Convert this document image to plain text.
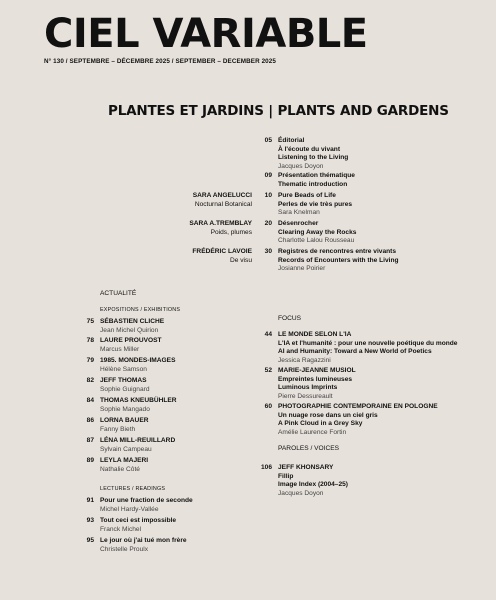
CIEL VARIABLE
N° 130 / SEPTEMBRE – DÉCEMBRE 2025 / SEPTEMBER – DECEMBER 2025
PLANTES ET JARDINS | PLANTS AND GARDENS
SARA ANGELUCCI
Nocturnal Botanical
SARA A.TREMBLAY
Poids, plumes
FRÉDÉRIC LAVOIE
De visu
05 Éditorial
À l'écoute du vivant
Listening to the Living
Jacques Doyon
09 Présentation thématique
Thematic introduction
10 Pure Beads of Life
Perles de vie très pures
Sara Knelman
20 Désenrocher
Clearing Away the Rocks
Charlotte Lalou Rousseau
30 Registres de rencontres entre vivants
Records of Encounters with the Living
Josianne Poirier
ACTUALITÉ
EXPOSITIONS / EXHIBITIONS
75 SÉBASTIEN CLICHE
Jean Michel Quirion
78 LAURE PROUVOST
Marcus Miller
79 1985. MONDES-IMAGES
Hélène Samson
82 JEFF THOMAS
Sophie Guignard
84 THOMAS KNEUBÜHLER
Sophie Mangado
86 LORNA BAUER
Fanny Bieth
87 LÉNA MILL-REUILLARD
Sylvain Campeau
89 LEYLA MAJERI
Nathalie Côté
LECTURES / READINGS
91 Pour une fraction de seconde
Michel Hardy-Vallée
93 Tout ceci est impossible
Franck Michel
95 Le jour où j'ai tué mon frère
Christelle Proulx
FOCUS
44 LE MONDE SELON L'IA
L'IA et l'humanité : pour une nouvelle poétique du monde
AI and Humanity: Toward a New World of Poetics
Jessica Ragazzini
52 MARIE-JEANNE MUSIOL
Empreintes lumineuses
Luminous Imprints
Pierre Dessureault
60 PHOTOGRAPHIE CONTEMPORAINE EN POLOGNE
Un nuage rose dans un ciel gris
A Pink Cloud in a Grey Sky
Amélie Laurence Fortin
PAROLES / VOICES
106 JEFF KHONSARY
Fillip
Image Index (2004–25)
Jacques Doyon
